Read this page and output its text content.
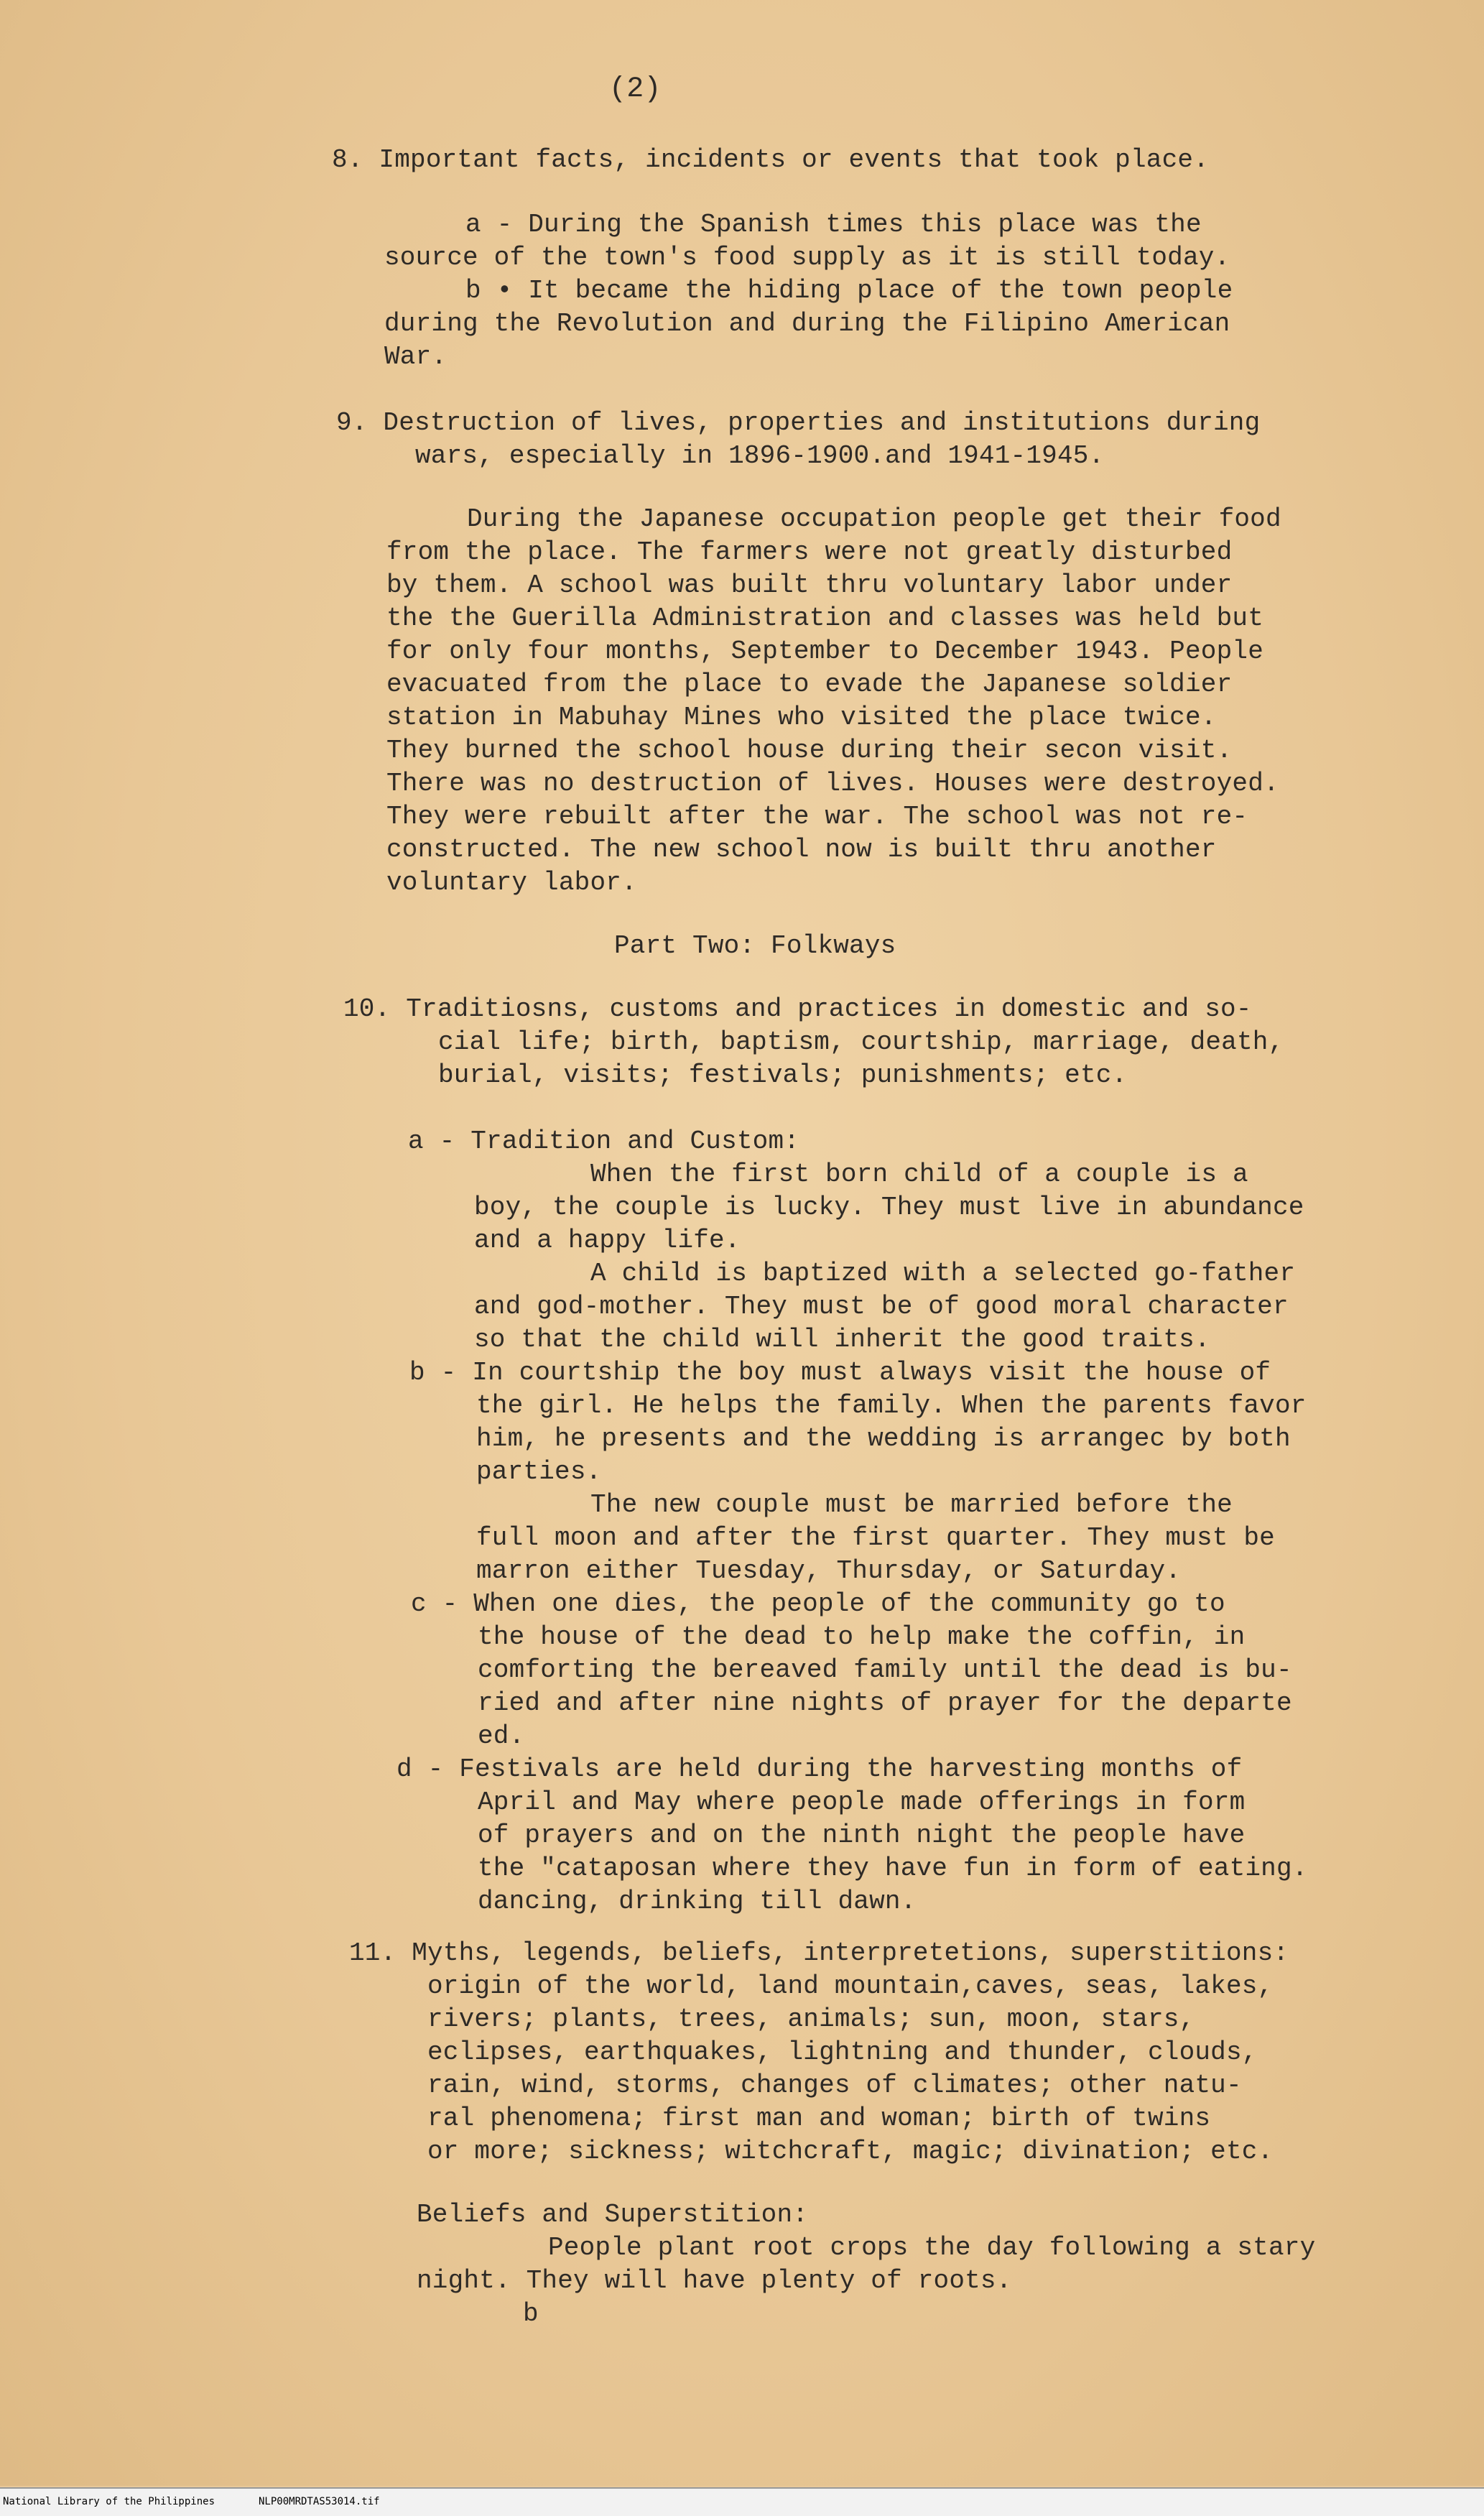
(2)
8. Important facts, incidents or events that took place.
a - During the Spanish times this place was the
source of the town's food supply as it is still today.
b • It became the hiding place of the town people
during the Revolution and during the Filipino American
War.
9. Destruction of lives, properties and institutions during
wars, especially in 1896-1900.and 1941-1945.
During the Japanese occupation people get their food
from the place. The farmers were not greatly disturbed
by them. A school was built thru voluntary labor under
the the Guerilla Administration and classes was held but
for only four months, September to December 1943. People
evacuated from the place to evade the Japanese soldier
station in Mabuhay Mines who visited the place twice.
They burned the school house during their secon visit.
There was no destruction of lives. Houses were destroyed.
They were rebuilt after the war. The school was not re-
constructed. The new school now is built thru another
voluntary labor.
Part Two: Folkways
10. Traditiosns, customs and practices in domestic and so-
cial life; birth, baptism, courtship, marriage, death,
burial, visits; festivals; punishments; etc.
a - Tradition and Custom:
When the first born child of a couple is a
boy, the couple is lucky. They must live in abundance
and a happy life.
A child is baptized with a selected go-father
and god-mother. They must be of good moral character
so that the child will inherit the good traits.
b - In courtship the boy must always visit the house of
the girl. He helps the family. When the parents favor
him, he presents and the wedding is arrangec by both
parties.
The new couple must be married before the
full moon and after the first quarter. They must be
marron either Tuesday, Thursday, or Saturday.
c - When one dies, the people of the community go to
the house of the dead to help make the coffin, in
comforting the bereaved family until the dead is bu-
ried and after nine nights of prayer for the departe
ed.
d - Festivals are held during the harvesting months of
April and May where people made offerings in form
of prayers and on the ninth night the people have
the "cataposan where they have fun in form of eating.
dancing, drinking till dawn.
11. Myths, legends, beliefs, interpretetions, superstitions:
origin of the world, land mountain,caves, seas, lakes,
rivers; plants, trees, animals; sun, moon, stars,
eclipses, earthquakes, lightning and thunder, clouds,
rain, wind, storms, changes of climates; other natu-
ral phenomena; first man and woman; birth of twins
or more; sickness; witchcraft, magic; divination; etc.
Beliefs and Superstition:
People plant root crops the day following a stary
night. They will have plenty of roots.
b
National Library of the Philippines	NLP00MRDTAS53014.tif
